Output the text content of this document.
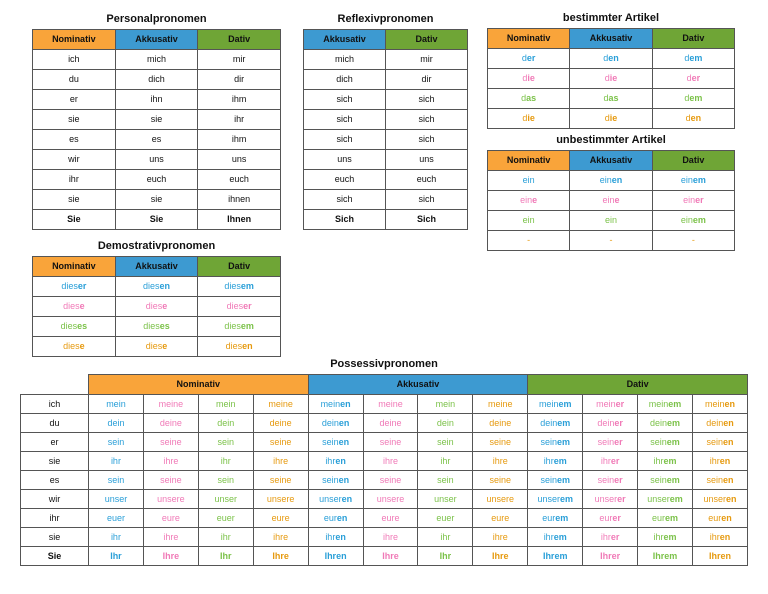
Personalpronomen
Nominativ	Akkusativ	Dativ
ich	mich	mir
du	dich	dir
er	ihn	ihm
sie	sie	ihr
es	es	ihm
wir	uns	uns
ihr	euch	euch
sie	sie	ihnen
Sie	Sie	Ihnen
Reflexivpronomen
Akkusativ	Dativ
mich	mir
dich	dir
sich	sich
sich	sich
sich	sich
uns	uns
euch	euch
sich	sich
Sich	Sich
bestimmter Artikel
Nominativ	Akkusativ	Dativ
der	den	dem
die	die	der
das	das	dem
die	die	den
unbestimmter Artikel
Nominativ	Akkusativ	Dativ
ein	einen	einem
eine	eine	einer
ein	ein	einem
-	-	-
Demostrativpronomen
Nominativ	Akkusativ	Dativ
dieser	diesen	diesem
diese	diese	dieser
dieses	dieses	diesem
diese	diese	diesen
Possessivpronomen
	Nominativ				Akkusativ				Dativ			
ich	mein	meine	mein	meine	meinen	meine	mein	meine	meinem	meiner	meinem	meinen
du	dein	deine	dein	deine	deinen	deine	dein	deine	deinem	deiner	deinem	deinen
er	sein	seine	sein	seine	seinen	seine	sein	seine	seinem	seiner	seinem	seinen
sie	ihr	ihre	ihr	ihre	ihren	ihre	ihr	ihre	ihrem	ihrer	ihrem	ihren
es	sein	seine	sein	seine	seinen	seine	sein	seine	seinem	seiner	seinem	seinen
wir	unser	unsere	unser	unsere	unseren	unsere	unser	unsere	unserem	unserer	unserem	unseren
ihr	euer	eure	euer	eure	euren	eure	euer	eure	eurem	eurer	eurem	euren
sie	ihr	ihre	ihr	ihre	ihren	ihre	ihr	ihre	ihrem	ihrer	ihrem	ihren
Sie	Ihr	Ihre	Ihr	Ihre	Ihren	Ihre	Ihr	Ihre	Ihrem	Ihrer	Ihrem	Ihren
